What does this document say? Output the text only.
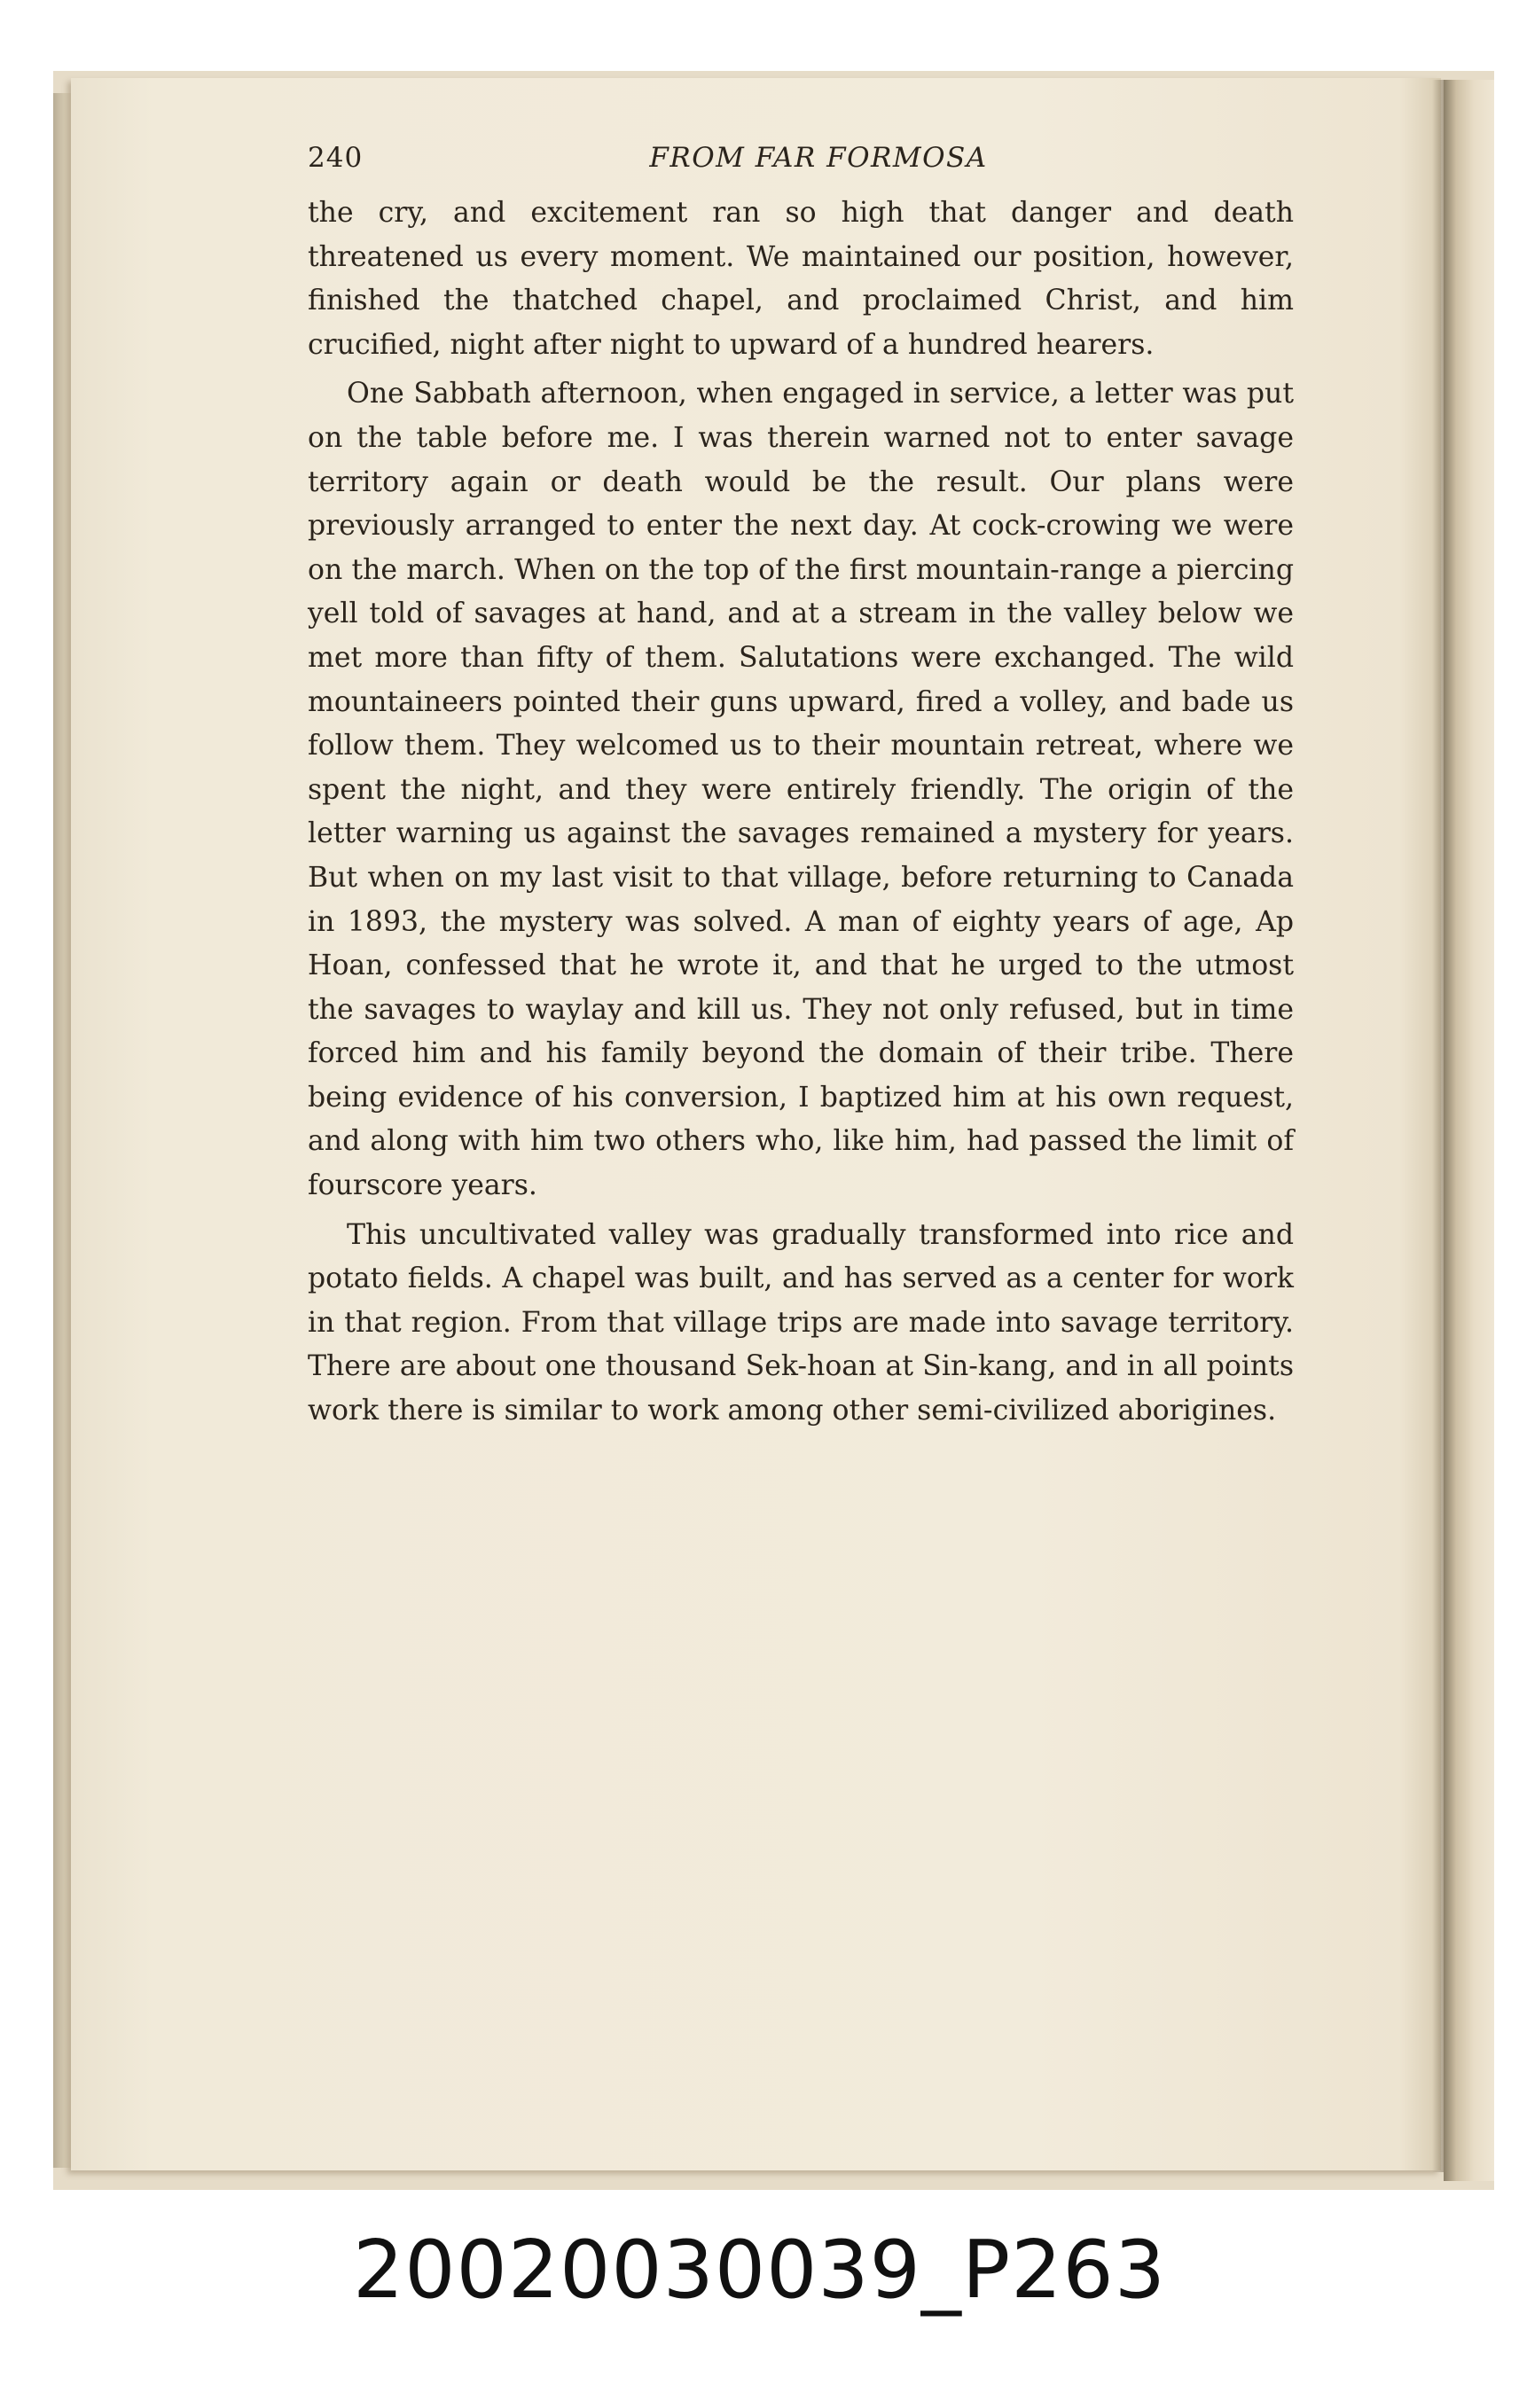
240	FROM FAR FORMOSA

the cry, and excitement ran so high that danger and death threatened us every moment. We maintained our position, however, finished the thatched chapel, and proclaimed Christ, and him crucified, night after night to upward of a hundred hearers.

One Sabbath afternoon, when engaged in service, a letter was put on the table before me. I was therein warned not to enter savage territory again or death would be the result. Our plans were previously arranged to enter the next day. At cock-crowing we were on the march. When on the top of the first mountain-range a piercing yell told of savages at hand, and at a stream in the valley below we met more than fifty of them. Salutations were exchanged. The wild mountaineers pointed their guns upward, fired a volley, and bade us follow them. They welcomed us to their mountain retreat, where we spent the night, and they were entirely friendly. The origin of the letter warning us against the savages remained a mystery for years. But when on my last visit to that village, before returning to Canada in 1893, the mystery was solved. A man of eighty years of age, Ap Hoan, confessed that he wrote it, and that he urged to the utmost the savages to waylay and kill us. They not only refused, but in time forced him and his family beyond the domain of their tribe. There being evidence of his conversion, I baptized him at his own request, and along with him two others who, like him, had passed the limit of fourscore years.

This uncultivated valley was gradually transformed into rice and potato fields. A chapel was built, and has served as a center for work in that region. From that village trips are made into savage territory. There are about one thousand Sek-hoan at Sin-kang, and in all points work there is similar to work among other semi-civilized aborigines.

20020030039_P263
